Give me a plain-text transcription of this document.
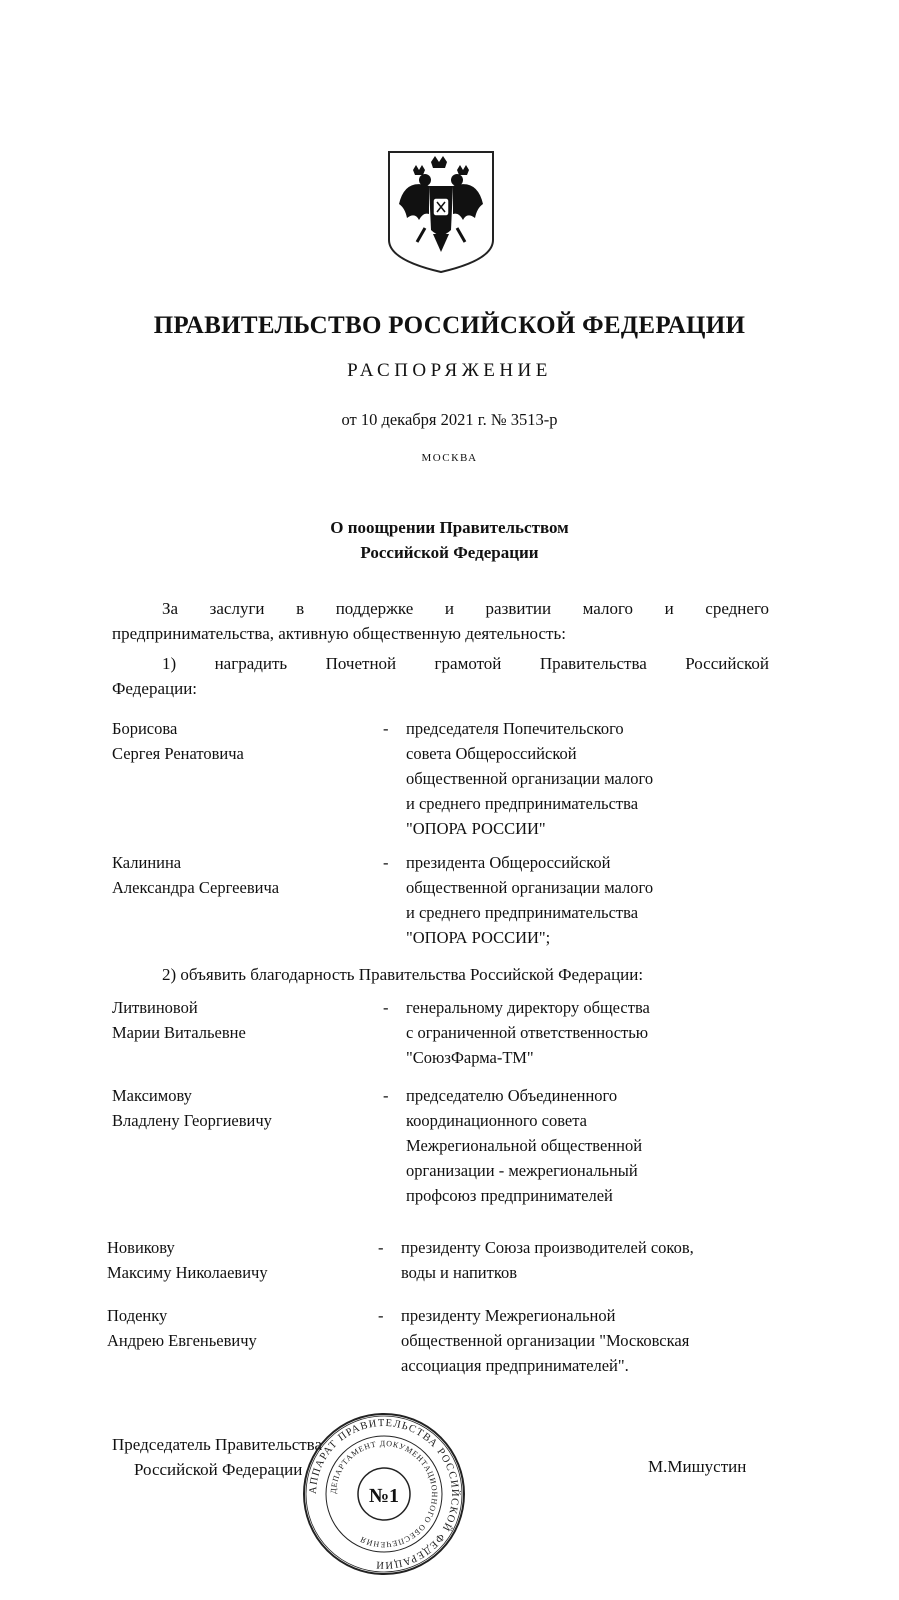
ПРАВИТЕЛЬСТВО РОССИЙСКОЙ ФЕДЕРАЦИИ
РАСПОРЯЖЕНИЕ
от 10 декабря 2021 г. № 3513-р
МОСКВА
О поощрении Правительством
Российской Федерации
За заслуги в поддержке и развитии малого и среднего
предпринимательства, активную общественную деятельность:
1) наградить Почетной грамотой Правительства Российской
Федерации:
Борисова
Сергея Ренатовича
- председателя Попечительского
совета Общероссийской
общественной организации малого
и среднего предпринимательства
"ОПОРА РОССИИ"
Калинина
Александра Сергеевича
- президента Общероссийской
общественной организации малого
и среднего предпринимательства
"ОПОРА РОССИИ";
2) объявить благодарность Правительства Российской Федерации:
Литвиновой
Марии Витальевне
- генеральному директору общества
с ограниченной ответственностью
"СоюзФарма-ТМ"
Максимову
Владлену Георгиевичу
- председателю Объединенного
координационного совета
Межрегиональной общественной
организации - межрегиональный
профсоюз предпринимателей
Новикову
Максиму Николаевичу
- президенту Союза производителей соков,
воды и напитков
Поденку
Андрею Евгеньевичу
- президенту Межрегиональной
общественной организации "Московская
ассоциация предпринимателей".
Председатель Правительства
Российской Федерации	М.Мишустин
АППАРАТ ПРАВИТЕЛЬСТВА РОССИЙСКОЙ ФЕДЕРАЦИИ
ДЕПАРТАМЕНТ ДОКУМЕНТАЦИОННОГО ОБЕСПЕЧЕНИЯ
№1
